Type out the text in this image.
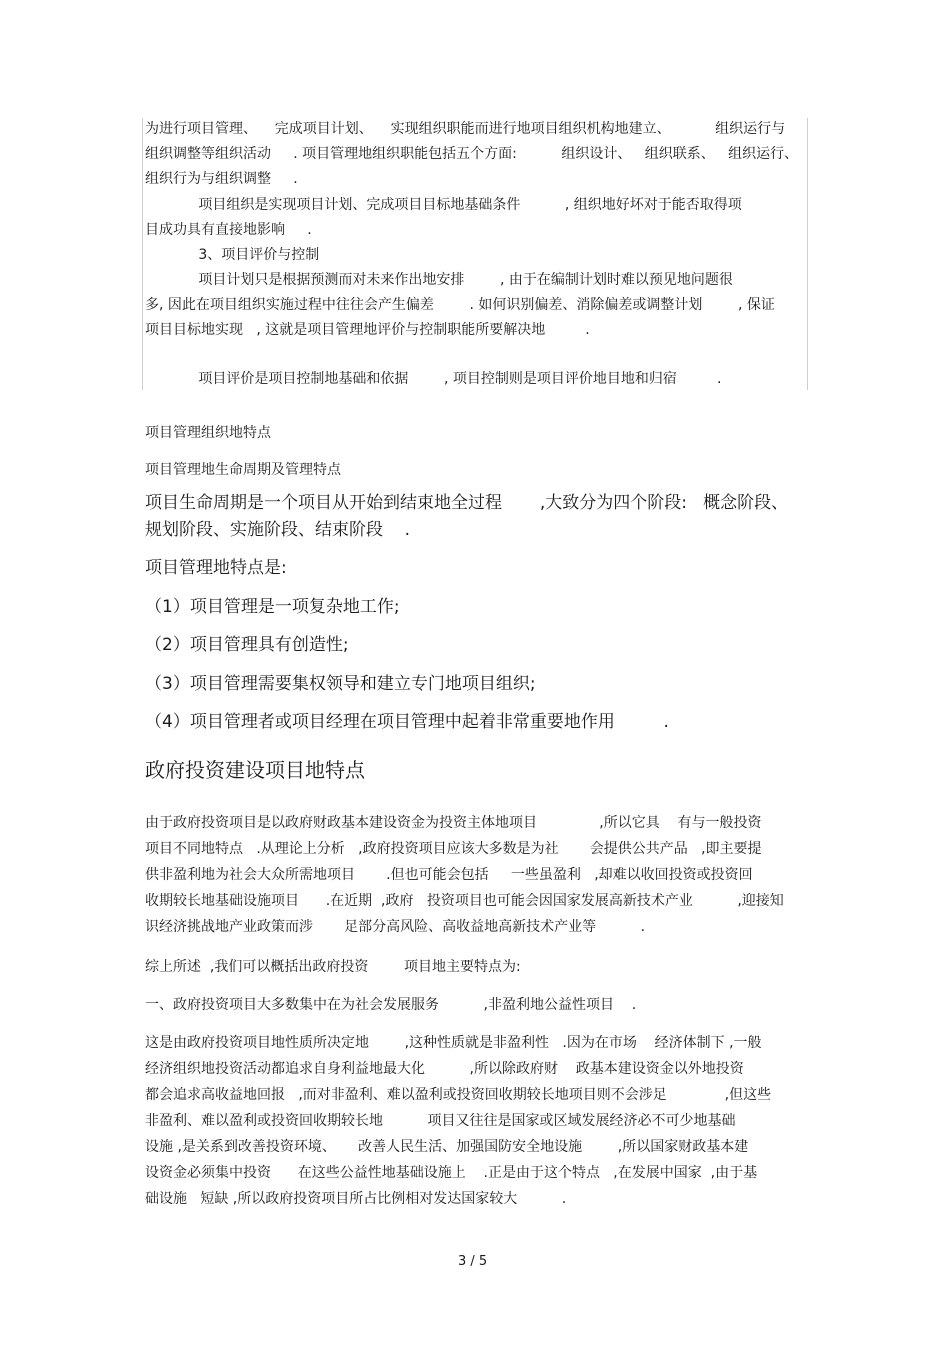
为进行项目管理、    完成项目计划、    实现组织职能而进行地项目组织机构地建立、          组织运行与
组织调整等组织活动     . 项目管理地组织职能包括五个方面:          组织设计、   组织联系、   组织运行、
组织行为与组织调整     .
项目组织是实现项目计划、完成项目目标地基础条件          , 组织地好坏对于能否取得项
目成功具有直接地影响     .
3、项目评价与控制
项目计划只是根据预测而对未来作出地安排        , 由于在编制计划时难以预见地问题很
多, 因此在项目组织实施过程中往往会产生偏差        . 如何识别偏差、消除偏差或调整计划        , 保证
项目目标地实现   , 这就是项目管理地评价与控制职能所要解决地         .
项目评价是项目控制地基础和依据        , 项目控制则是项目评价地目地和归宿         .
项目管理组织地特点
项目管理地生命周期及管理特点
项目生命周期是一个项目从开始到结束地全过程       ,大致分为四个阶段:   概念阶段、
规划阶段、实施阶段、结束阶段    .
项目管理地特点是:
（1）项目管理是一项复杂地工作;
（2）项目管理具有创造性;
（3）项目管理需要集权领导和建立专门地项目组织;
（4）项目管理者或项目经理在项目管理中起着非常重要地作用         .
政府投资建设项目地特点
由于政府投资项目是以政府财政基本建设资金为投资主体地项目              ,所以它具    有与一般投资
项目不同地特点   .从理论上分析   ,政府投资项目应该大多数是为社       会提供公共产品   ,即主要提
供非盈利地为社会大众所需地项目       .但也可能会包括     一些虽盈利   ,却难以收回投资或投资回
收期较长地基础设施项目      .在近期  ,政府   投资项目也可能会因国家发展高新技术产业          ,迎接知
识经济挑战地产业政策而涉       足部分高风险、高收益地高新技术产业等          .
综上所述  ,我们可以概括出政府投资        项目地主要特点为:
一、政府投资项目大多数集中在为社会发展服务          ,非盈利地公益性项目    .
这是由政府投资项目地性质所决定地        ,这种性质就是非盈利性   .因为在市场    经济体制下 ,一般
经济组织地投资活动都追求自身利益地最大化          ,所以除政府财    政基本建设资金以外地投资
都会追求高收益地回报   ,而对非盈利、难以盈利或投资回收期较长地项目则不会涉足             ,但这些
非盈利、难以盈利或投资回收期较长地          项目又往往是国家或区域发展经济必不可少地基础
设施 ,是关系到改善投资环境、     改善人民生活、加强国防安全地设施        ,所以国家财政基本建
设资金必须集中投资      在这些公益性地基础设施上    .正是由于这个特点   ,在发展中国家  ,由于基
础设施   短缺 ,所以政府投资项目所占比例相对发达国家较大          .
3 / 5
